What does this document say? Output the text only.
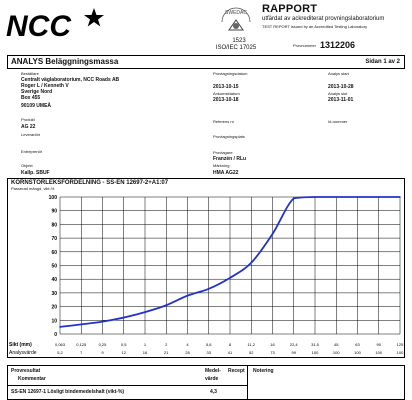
NCC	SWEDAC
1523
ISO/IEC 17025
RAPPORT
utfärdat av ackrediterat provningslaboratorium
TEST REPORT issued by an Accredited Testing Laboratory
Provnummer 1312206
ANALYS Beläggningsmassa	Sidan 1 av 2
Beställare
Centralt väglaboratorium, NCC Roads AB
Roger L / Kenneth V
Sverige Nord
Box 455
90109 UMEÅ
Produkt
AG 22
Leverantör
Entreprenör
Objekt
Kallp. SBUF
Provtagningsdatum
2013-10-15
Ankomstdatum
2013-10-18
Analys start
2013-10-28
Analys slut
2013-11-01
Referens nr	Id-nummer
Provtagningsplats
Provtagare
Franzén / RLu
Märkning
HMA AG22
KORNSTORLEKSFÖRDELNING - SS-EN 12697-2+A1:07
Passerad mängd, vikt-%
0
10
20
30
40
50
60
70
80
90
100
0,063	0,125	0,25	0,5	1	2	4	5,6	8	11,2	16	22,4	31,5	45	63	90	125
5,2	7	9	12	16	21	28	33	41	52	73	99	100	100	100	100	100
Sikt (mm)
Analysvärde
Provresultat
Kommentar
Medel-
värde
Recept Notering
SS-EN 12697-1 Lösligt bindemedelshalt (vikt-%)	4,3
